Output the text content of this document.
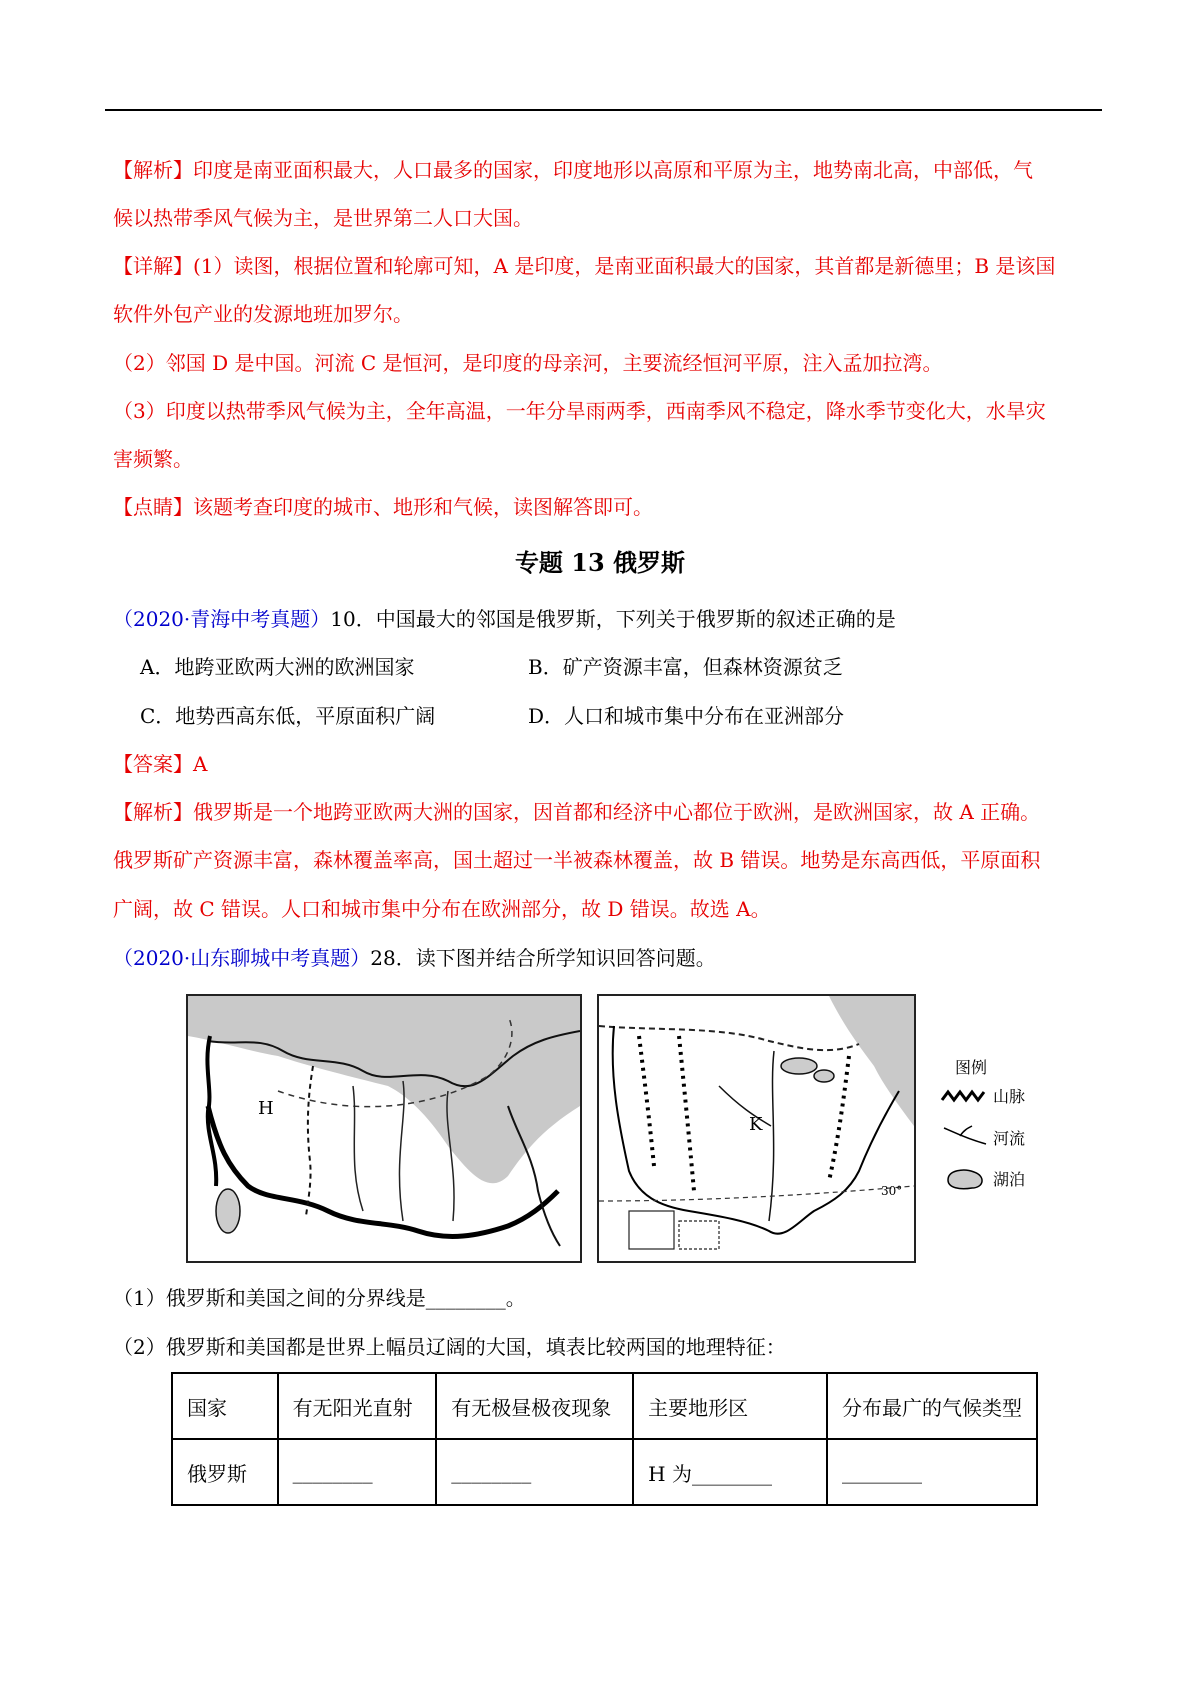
【解析】印度是南亚面积最大，人口最多的国家，印度地形以高原和平原为主，地势南北高，中部低，气
候以热带季风气候为主，是世界第二人口大国。
【详解】(1）读图，根据位置和轮廓可知，A 是印度，是南亚面积最大的国家，其首都是新德里；B 是该国
软件外包产业的发源地班加罗尔。
（2）邻国 D 是中国。河流 C 是恒河，是印度的母亲河，主要流经恒河平原，注入孟加拉湾。
（3）印度以热带季风气候为主，全年高温，一年分旱雨两季，西南季风不稳定，降水季节变化大，水旱灾
害频繁。
【点睛】该题考查印度的城市、地形和气候，读图解答即可。
专题 13 俄罗斯
（2020·青海中考真题）10．中国最大的邻国是俄罗斯，下列关于俄罗斯的叙述正确的是
A．地跨亚欧两大洲的欧洲国家	B．矿产资源丰富，但森林资源贫乏
C．地势西高东低，平原面积广阔	D．人口和城市集中分布在亚洲部分
【答案】A
【解析】俄罗斯是一个地跨亚欧两大洲的国家，因首都和经济中心都位于欧洲，是欧洲国家，故 A 正确。
俄罗斯矿产资源丰富，森林覆盖率高，国土超过一半被森林覆盖，故 B 错误。地势是东高西低，平原面积
广阔，故 C 错误。人口和城市集中分布在欧洲部分，故 D 错误。故选 A。
（2020·山东聊城中考真题）28．读下图并结合所学知识回答问题。
H
K
30°
图例
山脉
河流
湖泊
（1）俄罗斯和美国之间的分界线是________。
（2）俄罗斯和美国都是世界上幅员辽阔的大国，填表比较两国的地理特征：
国家	有无阳光直射	有无极昼极夜现象	主要地形区	分布最广的气候类型
俄罗斯	________	________	H 为________	________
